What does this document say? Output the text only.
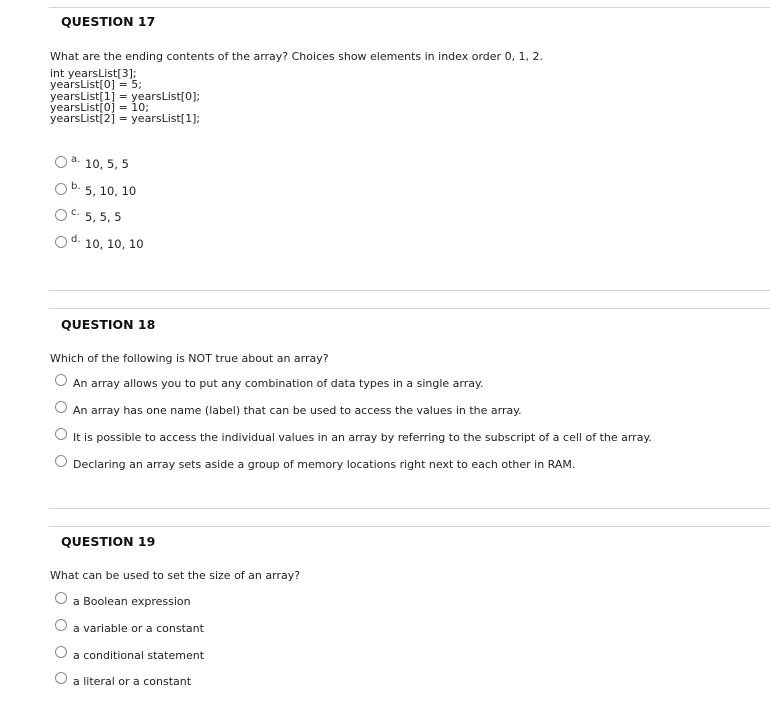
QUESTION 17
What are the ending contents of the array? Choices show elements in index order 0, 1, 2.
int yearsList[3];
yearsList[0] = 5;
yearsList[1] = yearsList[0];
yearsList[0] = 10;
yearsList[2] = yearsList[1];
a. 10, 5, 5
b. 5, 10, 10
c. 5, 5, 5
d. 10, 10, 10
QUESTION 18
Which of the following is NOT true about an array?
An array allows you to put any combination of data types in a single array.
An array has one name (label) that can be used to access the values in the array.
It is possible to access the individual values in an array by referring to the subscript of a cell of the array.
Declaring an array sets aside a group of memory locations right next to each other in RAM.
QUESTION 19
What can be used to set the size of an array?
a Boolean expression
a variable or a constant
a conditional statement
a literal or a constant
